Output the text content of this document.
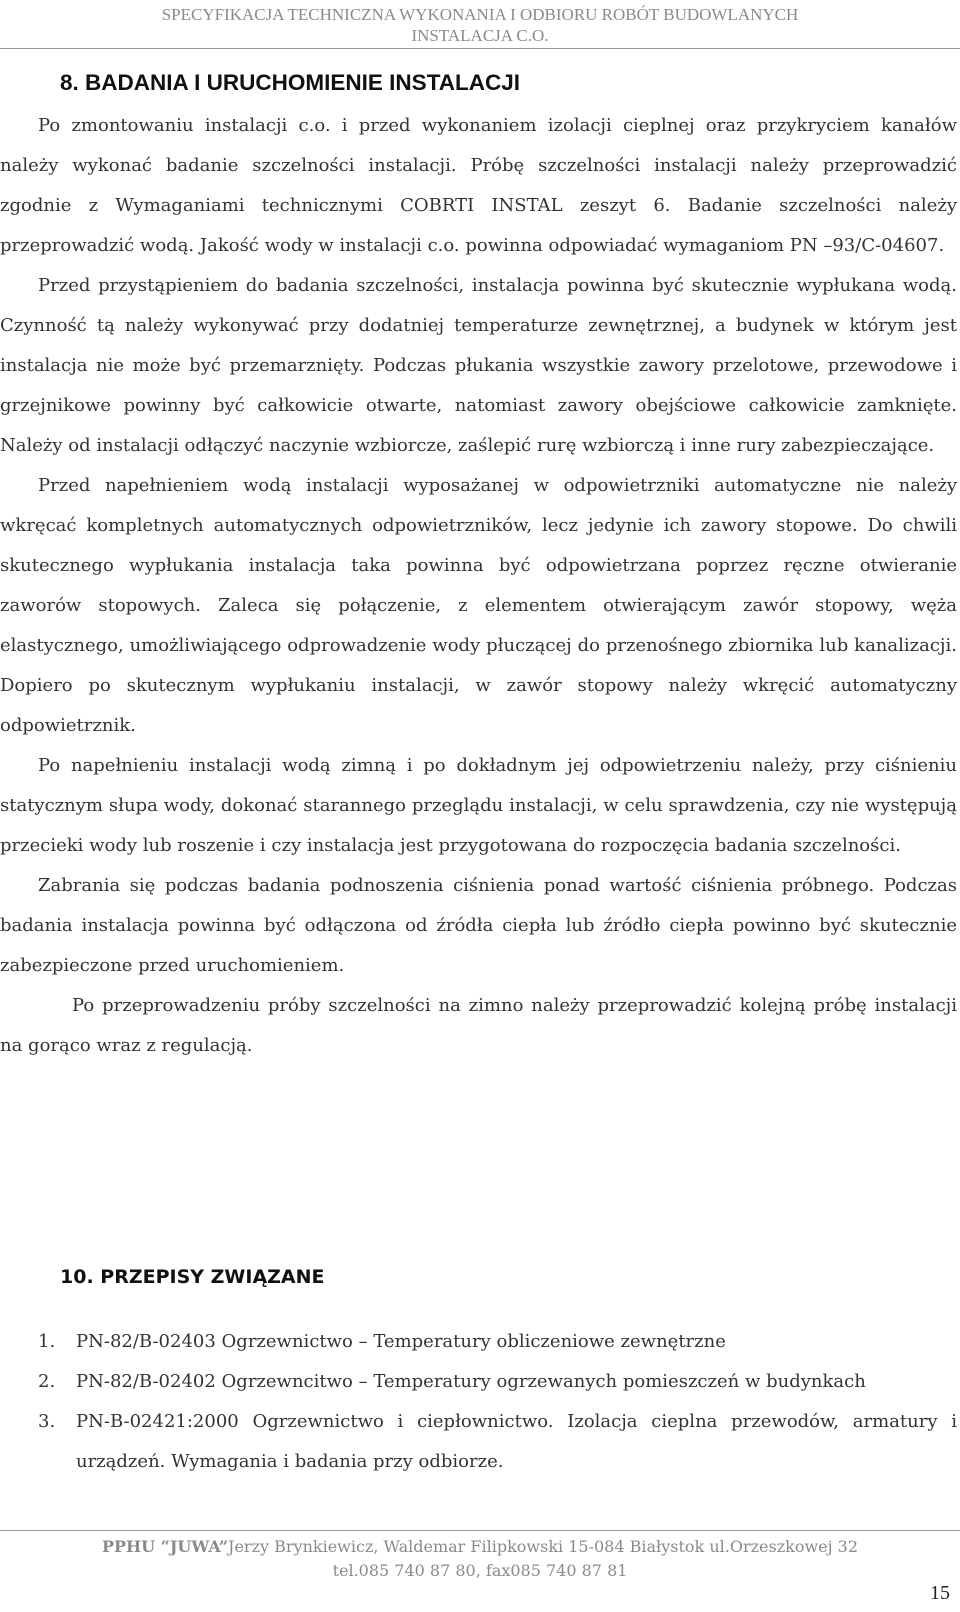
SPECYFIKACJA TECHNICZNA WYKONANIA I ODBIORU ROBÓT BUDOWLANYCH
INSTALACJA C.O.
8. BADANIA I URUCHOMIENIE INSTALACJI

Po zmontowaniu instalacji c.o. i przed wykonaniem izolacji cieplnej oraz przykryciem kanałów należy wykonać badanie szczelności instalacji. Próbę szczelności instalacji należy przeprowadzić zgodnie z Wymaganiami technicznymi COBRTI INSTAL zeszyt 6. Badanie szczelności należy przeprowadzić wodą. Jakość wody w instalacji c.o. powinna odpowiadać wymaganiom PN –93/C-04607.

Przed przystąpieniem do badania szczelności, instalacja powinna być skutecznie wypłukana wodą. Czynność tą należy wykonywać przy dodatniej temperaturze zewnętrznej, a budynek w którym jest instalacja nie może być przemarznięty. Podczas płukania wszystkie zawory przelotowe, przewodowe i grzejnikowe powinny być całkowicie otwarte, natomiast zawory obejściowe całkowicie zamknięte. Należy od instalacji odłączyć naczynie wzbiorcze, zaślepić rurę wzbiorczą i inne rury zabezpieczające.

Przed napełnieniem wodą instalacji wyposażanej w odpowietrzniki automatyczne nie należy wkręcać kompletnych automatycznych odpowietrzników, lecz jedynie ich zawory stopowe. Do chwili skutecznego wypłukania instalacja taka powinna być odpowietrzana poprzez ręczne otwieranie zaworów stopowych. Zaleca się połączenie, z elementem otwierającym zawór stopowy, węża elastycznego, umożliwiającego odprowadzenie wody płuczącej do przenośnego zbiornika lub kanalizacji. Dopiero po skutecznym wypłukaniu instalacji, w zawór stopowy należy wkręcić automatyczny odpowietrznik.

Po napełnieniu instalacji wodą zimną i po dokładnym jej odpowietrzeniu należy, przy ciśnieniu statycznym słupa wody, dokonać starannego przeglądu instalacji, w celu sprawdzenia, czy nie występują przecieki wody lub roszenie i czy instalacja jest przygotowana do rozpoczęcia badania szczelności.

Zabrania się podczas badania podnoszenia ciśnienia ponad wartość ciśnienia próbnego. Podczas badania instalacja powinna być odłączona od źródła ciepła lub źródło ciepła powinno być skutecznie zabezpieczone przed uruchomieniem.

Po przeprowadzeniu próby szczelności na zimno należy przeprowadzić kolejną próbę instalacji na gorąco wraz z regulacją.

10. PRZEPISY ZWIĄZANE
1. PN-82/B-02403 Ogrzewnictwo – Temperatury obliczeniowe zewnętrzne
2. PN-82/B-02402 Ogrzewncitwo – Temperatury ogrzewanych pomieszczeń w budynkach
3. PN-B-02421:2000 Ogrzewnictwo i ciepłownictwo. Izolacja cieplna przewodów, armatury i urządzeń. Wymagania i badania przy odbiorze.
PPHU “JUWA”Jerzy Brynkiewicz, Waldemar Filipkowski 15-084 Białystok ul.Orzeszkowej 32
tel.085 740 87 80, fax085 740 87 81
15
